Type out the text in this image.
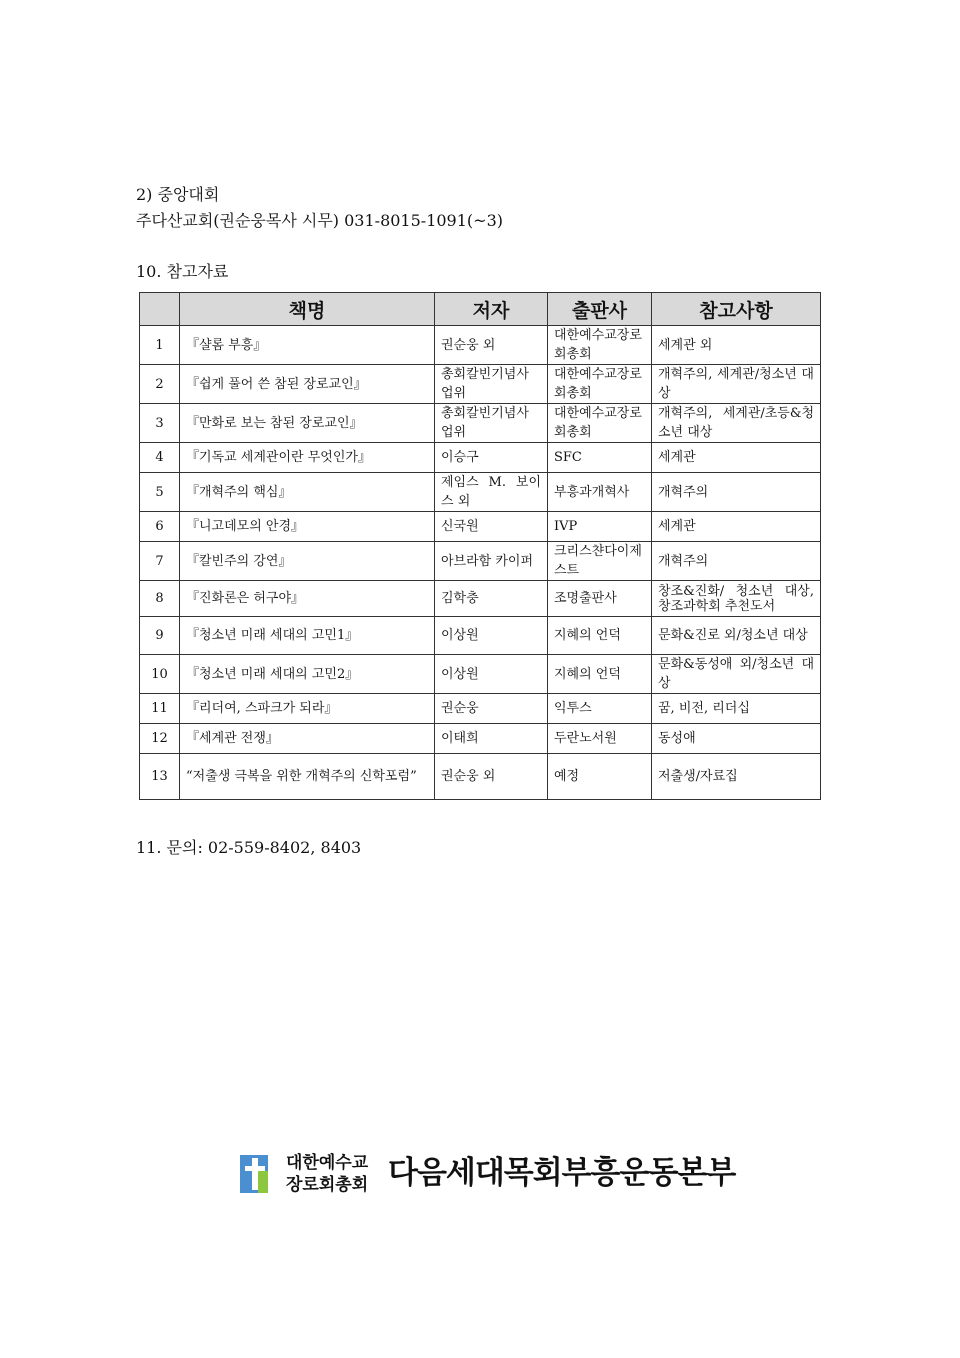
2) 중앙대회
주다산교회(권순웅목사 시무) 031-8015-1091(~3)
10. 참고자료
	책명	저자	출판사	참고사항
1	『샬롬 부흥』	권순웅 외	대한예수교장로회총회	세계관 외
2	『쉽게 풀어 쓴 참된 장로교인』	총회칼빈기념사업위	대한예수교장로회총회	개혁주의, 세계관/청소년 대상
3	『만화로 보는 참된 장로교인』	총회칼빈기념사업위	대한예수교장로회총회	개혁주의, 세계관/초등&청소년 대상
4	『기독교 세계관이란 무엇인가』	이승구	SFC	세계관
5	『개혁주의 핵심』	제임스 M. 보이스 외	부흥과개혁사	개혁주의
6	『니고데모의 안경』	신국원	IVP	세계관
7	『칼빈주의 강연』	아브라함 카이퍼	크리스챤다이제스트	개혁주의
8	『진화론은 허구야』	김학충	조명출판사	창조&진화/ 청소년 대상, 창조과학회 추천도서
9	『청소년 미래 세대의 고민1』	이상원	지혜의 언덕	문화&진로 외/청소년 대상
10	『청소년 미래 세대의 고민2』	이상원	지혜의 언덕	문화&동성애 외/청소년 대상
11	『리더여, 스파크가 되라』	권순웅	익투스	꿈, 비전, 리더십
12	『세계관 전쟁』	이태희	두란노서원	동성애
13	“저출생 극복을 위한 개혁주의 신학포럼”	권순웅 외	예정	저출생/자료집
11. 문의: 02-559-8402, 8403
대한예수교
장로회총회 다음세대목회부흥운동본부
